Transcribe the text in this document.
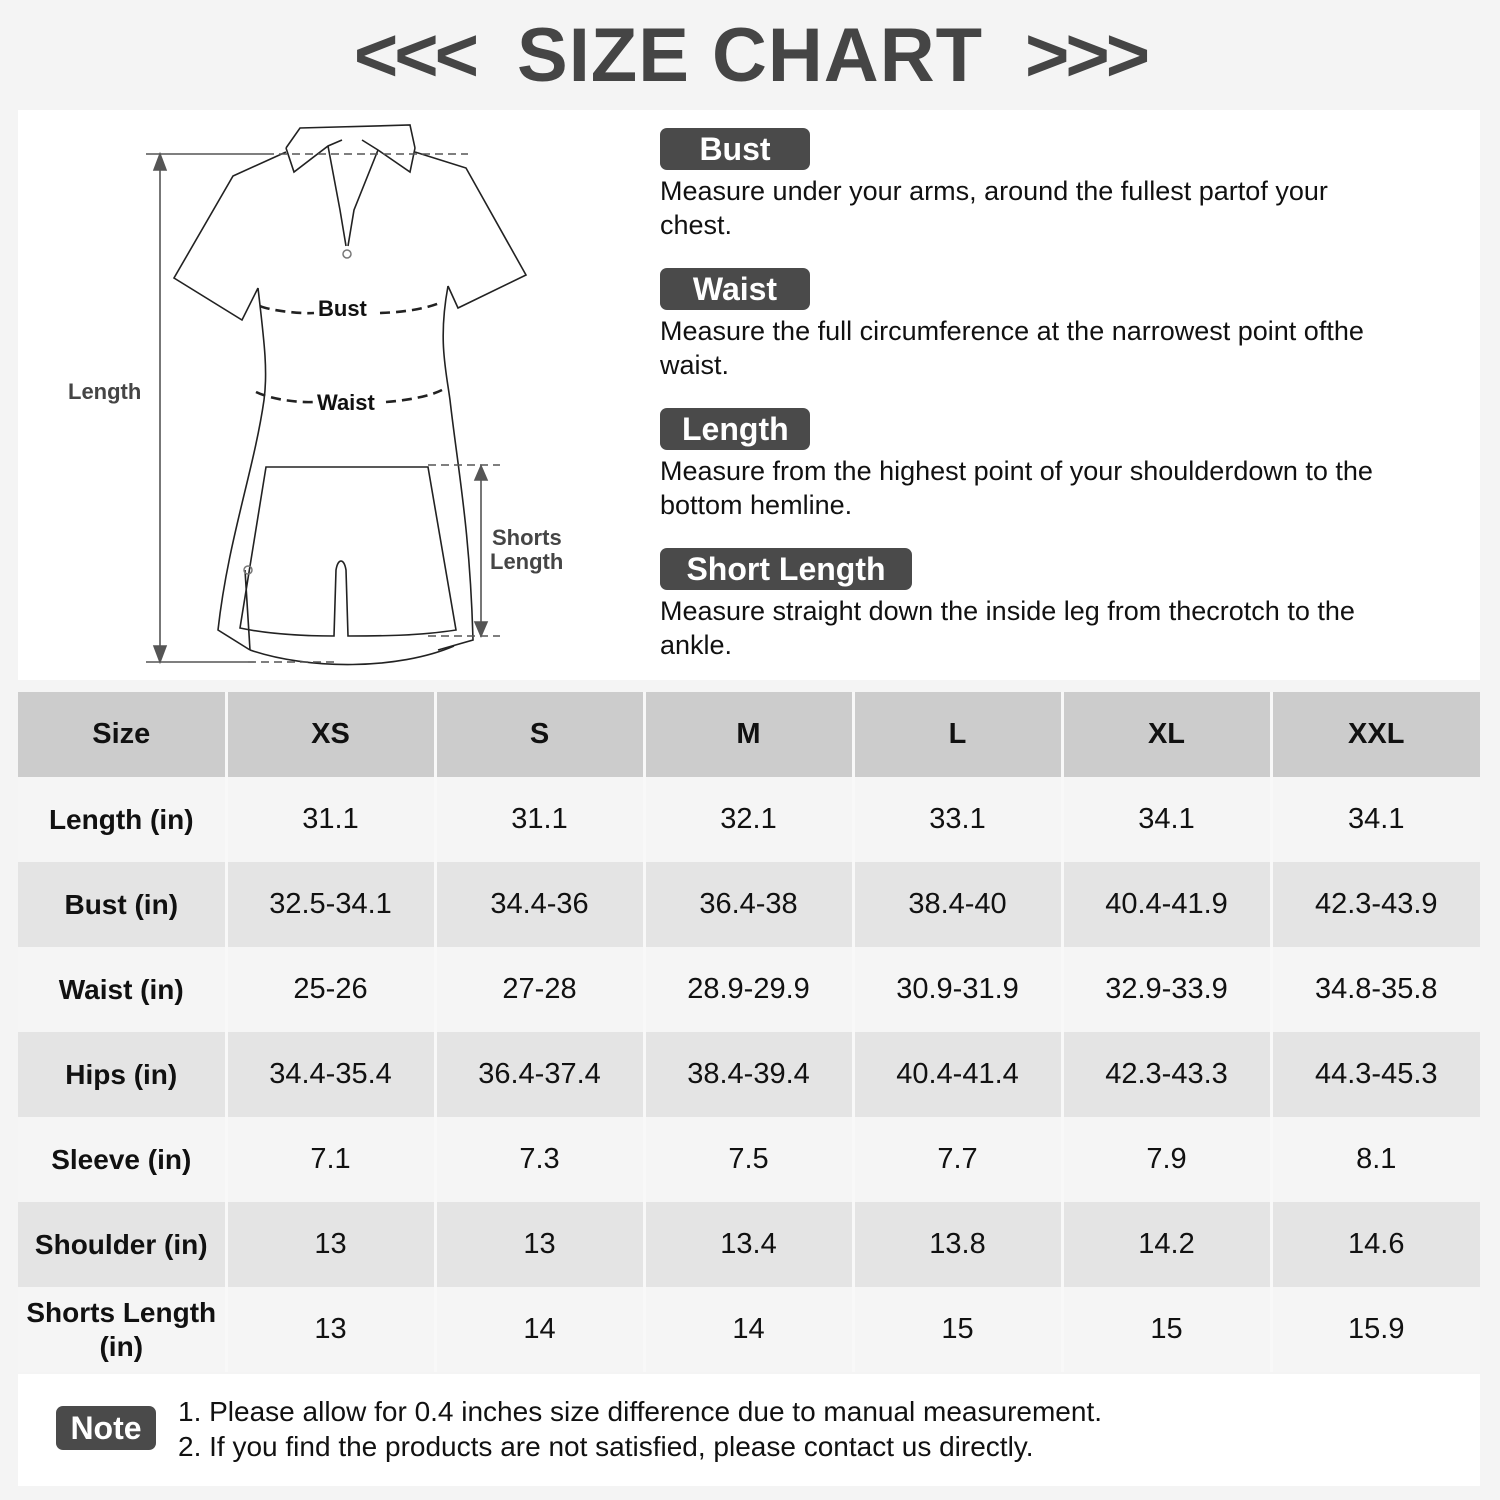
<<< SIZE CHART >>>
Length
Bust
Waist
Shorts
Length
Bust
Measure under your arms, around the fullest partof your chest.
Waist
Measure the full circumference at the narrowest point ofthe waist.
Length
Measure from the highest point of your shoulderdown to the bottom hemline.
Short Length
Measure straight down the inside leg from thecrotch to the ankle.
Size	XS	S	M	L	XL	XXL
Length (in)	31.1	31.1	32.1	33.1	34.1	34.1
Bust (in)	32.5-34.1	34.4-36	36.4-38	38.4-40	40.4-41.9	42.3-43.9
Waist (in)	25-26	27-28	28.9-29.9	30.9-31.9	32.9-33.9	34.8-35.8
Hips (in)	34.4-35.4	36.4-37.4	38.4-39.4	40.4-41.4	42.3-43.3	44.3-45.3
Sleeve (in)	7.1	7.3	7.5	7.7	7.9	8.1
Shoulder (in)	13	13	13.4	13.8	14.2	14.6
Shorts Length (in)	13	14	14	15	15	15.9
Note	1. Please allow for 0.4 inches size difference due to manual measurement.
2. If you find the products are not satisfied, please contact us directly.
